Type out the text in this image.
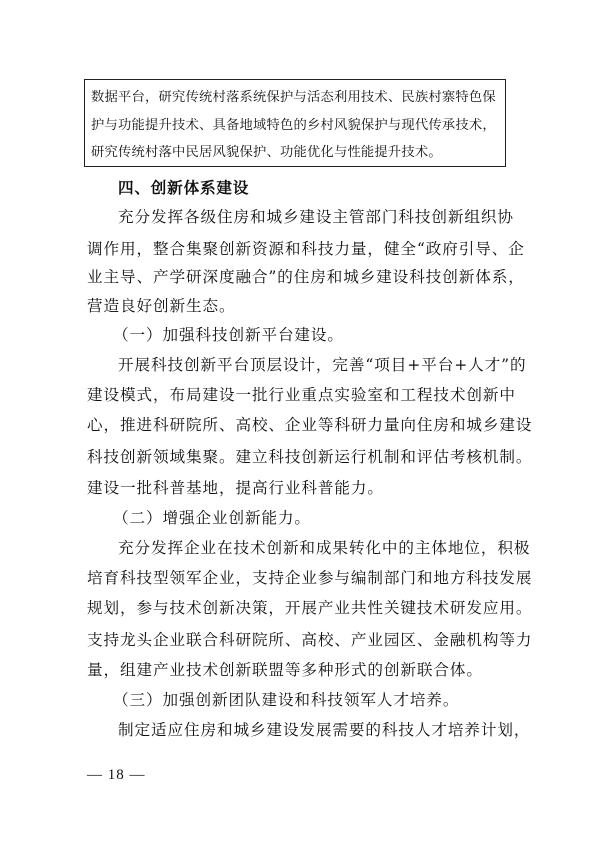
数据平台，研究传统村落系统保护与活态利用技术、民族村寨特色保

护与功能提升技术、具备地域特色的乡村风貌保护与现代传承技术，

研究传统村落中民居风貌保护、功能优化与性能提升技术。

四、创新体系建设

充分发挥各级住房和城乡建设主管部门科技创新组织协

调作用，整合集聚创新资源和科技力量，健全“政府引导、企

业主导、产学研深度融合”的住房和城乡建设科技创新体系，

营造良好创新生态。

（一）加强科技创新平台建设。

开展科技创新平台顶层设计，完善“项目+平台+人才”的

建设模式，布局建设一批行业重点实验室和工程技术创新中

心，推进科研院所、高校、企业等科研力量向住房和城乡建设

科技创新领域集聚。建立科技创新运行机制和评估考核机制。

建设一批科普基地，提高行业科普能力。

（二）增强企业创新能力。

充分发挥企业在技术创新和成果转化中的主体地位，积极

培育科技型领军企业，支持企业参与编制部门和地方科技发展

规划，参与技术创新决策，开展产业共性关键技术研发应用。

支持龙头企业联合科研院所、高校、产业园区、金融机构等力

量，组建产业技术创新联盟等多种形式的创新联合体。

（三）加强创新团队建设和科技领军人才培养。

制定适应住房和城乡建设发展需要的科技人才培养计划，

— 18 —
